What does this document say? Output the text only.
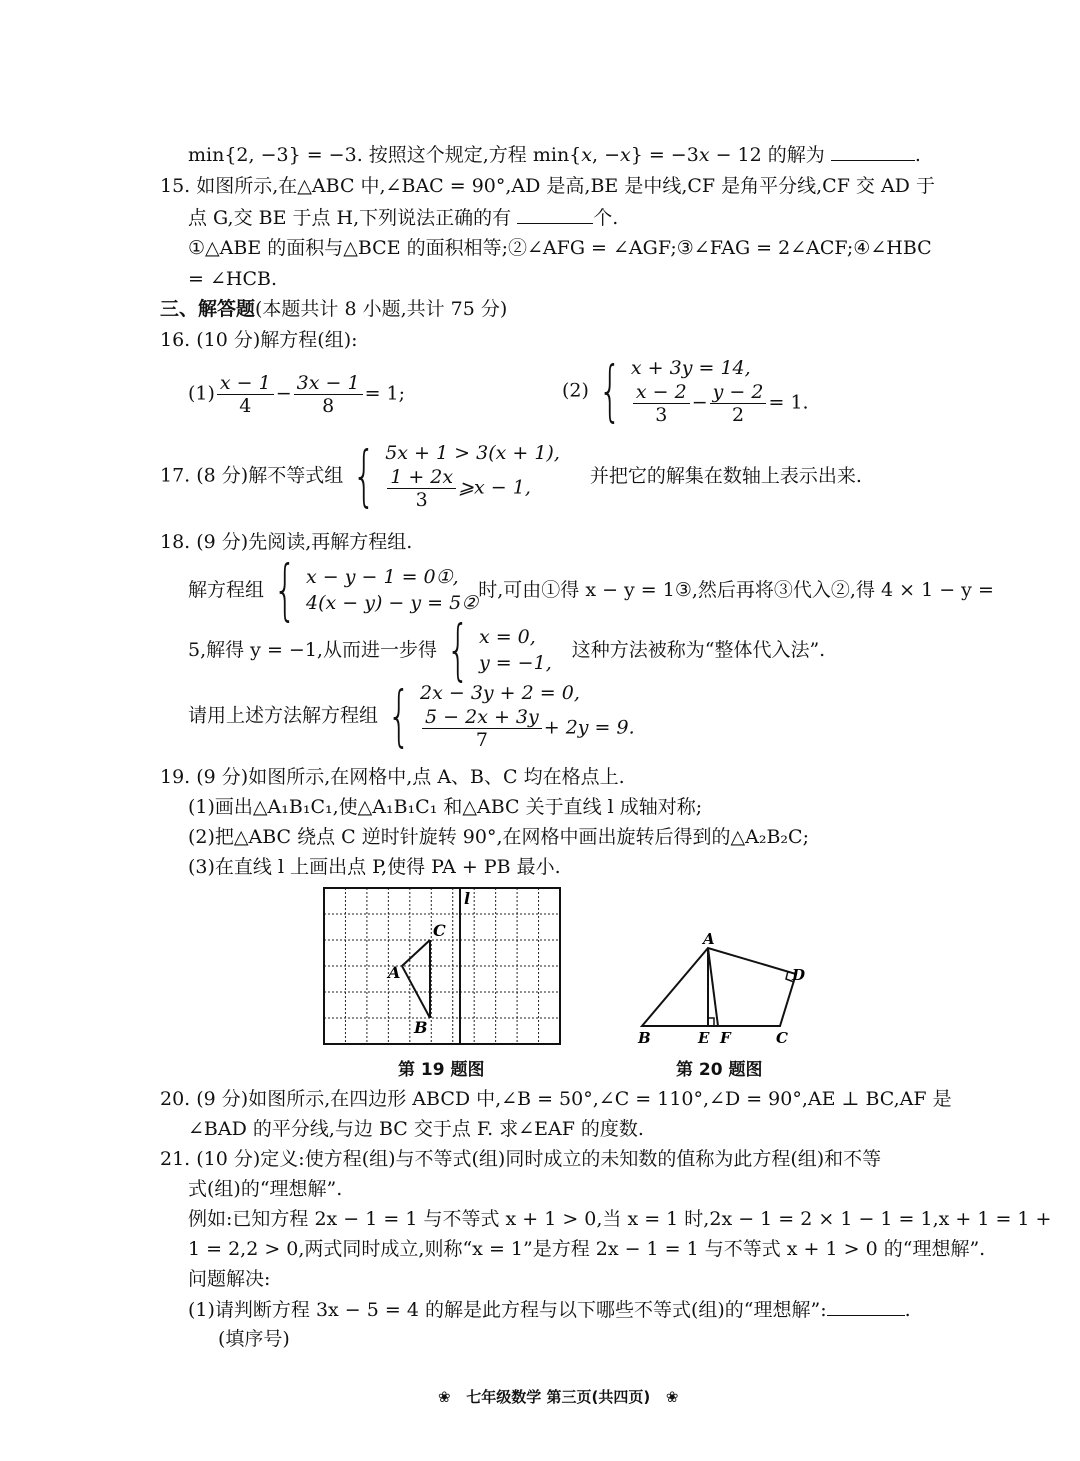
min{2, −3} = −3. 按照这个规定,方程 min{x, −x} = −3x − 12 的解为	.
15. 如图所示,在△ABC 中,∠BAC = 90°,AD 是高,BE 是中线,CF 是角平分线,CF 交 AD 于
点 G,交 BE 于点 H,下列说法正确的有	个.
①△ABE 的面积与△BCE 的面积相等;②∠AFG = ∠AGF;③∠FAG = 2∠ACF;④∠HBC
= ∠HCB.
三、解答题(本题共计 8 小题,共计 75 分)
16. (10 分)解方程(组):
$(1) \frac{x - 1}{4} - \frac{3x - 1}{8} = 1$;	(2) { x + 3y = 14,
$\frac{x - 2}{3} - \frac{y - 2}{2} = 1$.
17. (8 分)解不等式组 { 5x + 1 > 3(x + 1),
$\frac{1 + 2x}{3}$ ⩾x − 1,
并把它的解集在数轴上表示出来.
18. (9 分)先阅读,再解方程组.
解方程组 { x − y − 1 = 0①,
4(x − y) − y = 5②
时,可由①得 x − y = 1③,然后再将③代入②,得 4 × 1 − y =
5,解得 y = −1,从而进一步得 { x = 0,
y = −1,
这种方法被称为“整体代入法”.
请用上述方法解方程组 { 2x − 3y + 2 = 0,
$\frac{5 - 2x + 3y}{7} + 2y = 9$.
19. (9 分)如图所示,在网格中,点 A、B、C 均在格点上.
(1)画出△A₁B₁C₁,使△A₁B₁C₁ 和△ABC 关于直线 l 成轴对称;
(2)把△ABC 绕点 C 逆时针旋转 90°,在网格中画出旋转后得到的△A₂B₂C;
(3)在直线 l 上画出点 P,使得 PA + PB 最小.
l
C
A
B
第 19 题图
A
B	E F	C
D
第 20 题图
20. (9 分)如图所示,在四边形 ABCD 中,∠B = 50°,∠C = 110°,∠D = 90°,AE ⊥ BC,AF 是
∠BAD 的平分线,与边 BC 交于点 F. 求∠EAF 的度数.
21. (10 分)定义:使方程(组)与不等式(组)同时成立的未知数的值称为此方程(组)和不等
式(组)的“理想解”.
例如:已知方程 2x − 1 = 1 与不等式 x + 1 > 0,当 x = 1 时,2x − 1 = 2 × 1 − 1 = 1,x + 1 = 1 +
1 = 2,2 > 0,两式同时成立,则称“x = 1”是方程 2x − 1 = 1 与不等式 x + 1 > 0 的“理想解”.
问题解决:
(1)请判断方程 3x − 5 = 4 的解是此方程与以下哪些不等式(组)的“理想解”:	.
(填序号)
❀ 七年级数学 第三页(共四页) ❀
